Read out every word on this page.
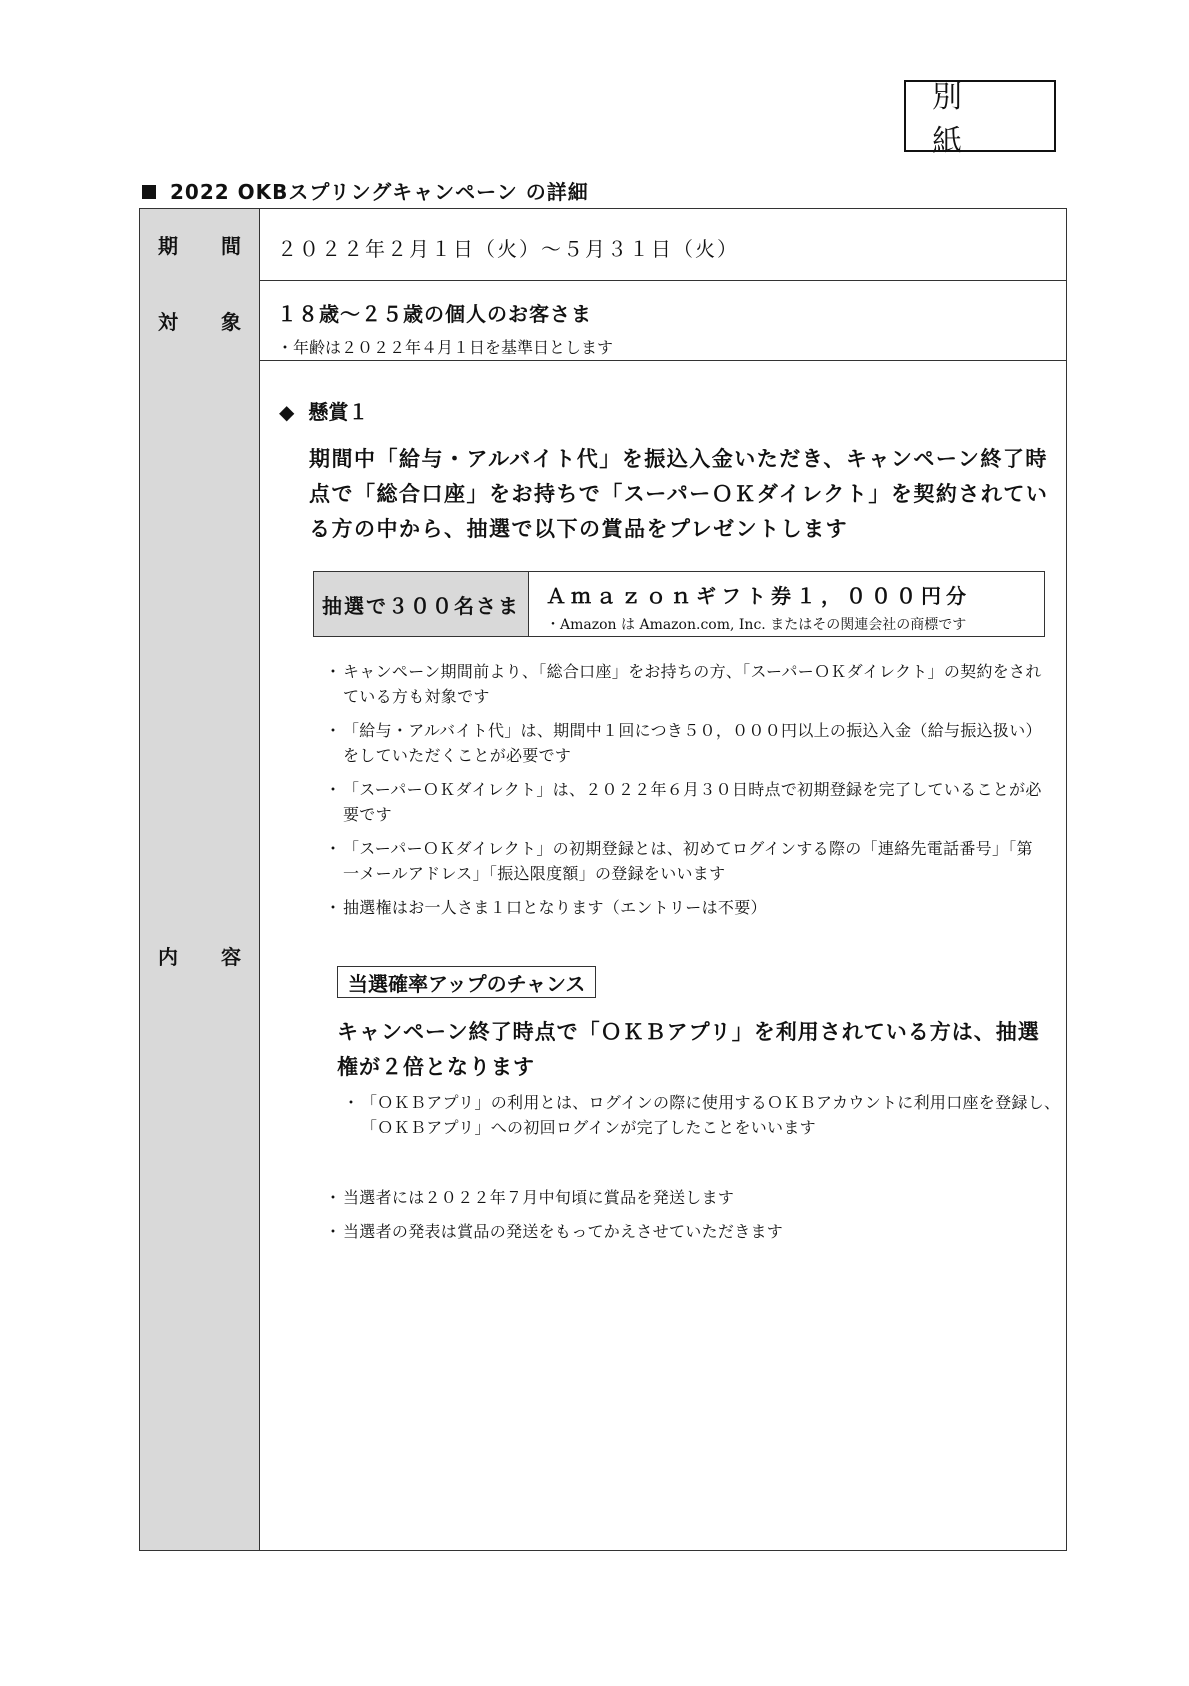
別 紙
2022 OKBスプリングキャンペーン の詳細
期 間 ２０２２年２月１日（火）～５月３１日（火）
対 象 １８歳～２５歳の個人のお客さま
・年齢は２０２２年４月１日を基準日とします
内 容
◆ 懸賞１
期間中「給与・アルバイト代」を振込入金いただき、キャンペーン終了時点で「総合口座」をお持ちで「スーパーＯＫダイレクト」を契約されている方の中から、抽選で以下の賞品をプレゼントします
抽選で３００名さま	Ａｍａｚｏｎギフト券１，０００円分
・Amazon は Amazon.com, Inc. またはその関連会社の商標です
・ キャンペーン期間前より、「総合口座」をお持ちの方、「スーパーＯＫダイレクト」の契約をされている方も対象です
・ 「給与・アルバイト代」は、期間中１回につき５０，０００円以上の振込入金（給与振込扱い）をしていただくことが必要です
・ 「スーパーＯＫダイレクト」は、２０２２年６月３０日時点で初期登録を完了していることが必要です
・ 「スーパーＯＫダイレクト」の初期登録とは、初めてログインする際の「連絡先電話番号」「第一メールアドレス」「振込限度額」の登録をいいます
・ 抽選権はお一人さま１口となります（エントリーは不要）
当選確率アップのチャンス
キャンペーン終了時点で「ＯＫＢアプリ」を利用されている方は、抽選権が２倍となります
・ 「ＯＫＢアプリ」の利用とは、ログインの際に使用するＯＫＢアカウントに利用口座を登録し、「ＯＫＢアプリ」への初回ログインが完了したことをいいます
・ 当選者には２０２２年７月中旬頃に賞品を発送します
・ 当選者の発表は賞品の発送をもってかえさせていただきます
